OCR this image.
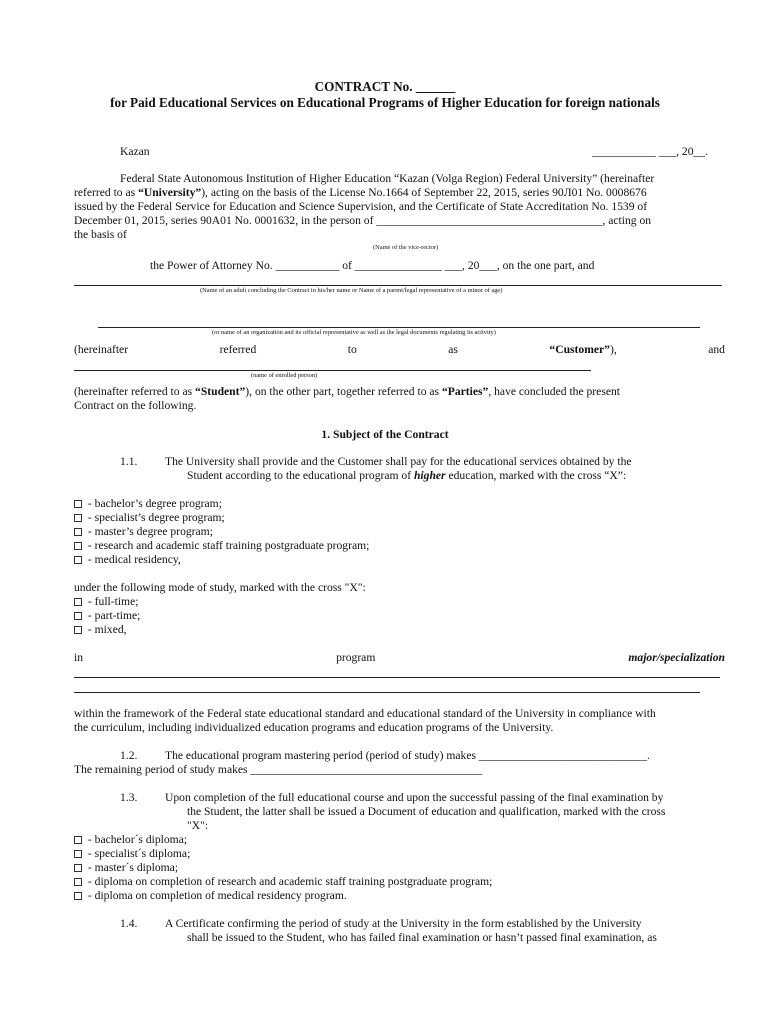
CONTRACT No. ______
for Paid Educational Services on Educational Programs of Higher Education for foreign nationals
Kazan	___________ ___, 20__.
Federal State Autonomous Institution of Higher Education “Kazan (Volga Region) Federal University” (hereinafter
referred to as “University”), acting on the basis of the License No.1664 of September 22, 2015, series 90Л01 No. 0008676
issued by the Federal Service for Education and Science Supervision, and the Certificate of State Accreditation No. 1539 of
December 01, 2015, series 90A01 No. 0001632, in the person of _______________________________________, acting on
the basis of
(Name of the vice-rector)
the Power of Attorney No. ___________ of _______________ ___, 20___, on the one part, and
(Name of an adult concluding the Contract in his/her name or Name of a parent/legal representative of a minor of age)
(or name of an organization and its official representative as well as the legal documents regulating its activity)
(hereinafter	referred	to	as	“Customer”),	and
(name of enrolled person)
(hereinafter referred to as “Student”), on the other part, together referred to as “Parties”, have concluded the present
Contract on the following.
1. Subject of the Contract
1.1. The University shall provide and the Customer shall pay for the educational services obtained by the
Student according to the educational program of higher education, marked with the cross “X”:
- bachelor’s degree program;
- specialist’s degree program;
- master’s degree program;
- research and academic staff training postgraduate program;
- medical residency,
under the following mode of study, marked with the cross "X":
- full-time;
- part-time;
- mixed,
in	program	major/specialization
within the framework of the Federal state educational standard and educational standard of the University in compliance with
the curriculum, including individualized education programs and education programs of the University.
1.2. The educational program mastering period (period of study) makes _____________________________.
The remaining period of study makes ________________________________________
1.3. Upon completion of the full educational course and upon the successful passing of the final examination by
the Student, the latter shall be issued a Document of education and qualification, marked with the cross
"X":
- bachelor´s diploma;
- specialist´s diploma;
- master´s diploma;
- diploma on completion of research and academic staff training postgraduate program;
- diploma on completion of medical residency program.
1.4. A Certificate confirming the period of study at the University in the form established by the University
shall be issued to the Student, who has failed final examination or hasn’t passed final examination, as
